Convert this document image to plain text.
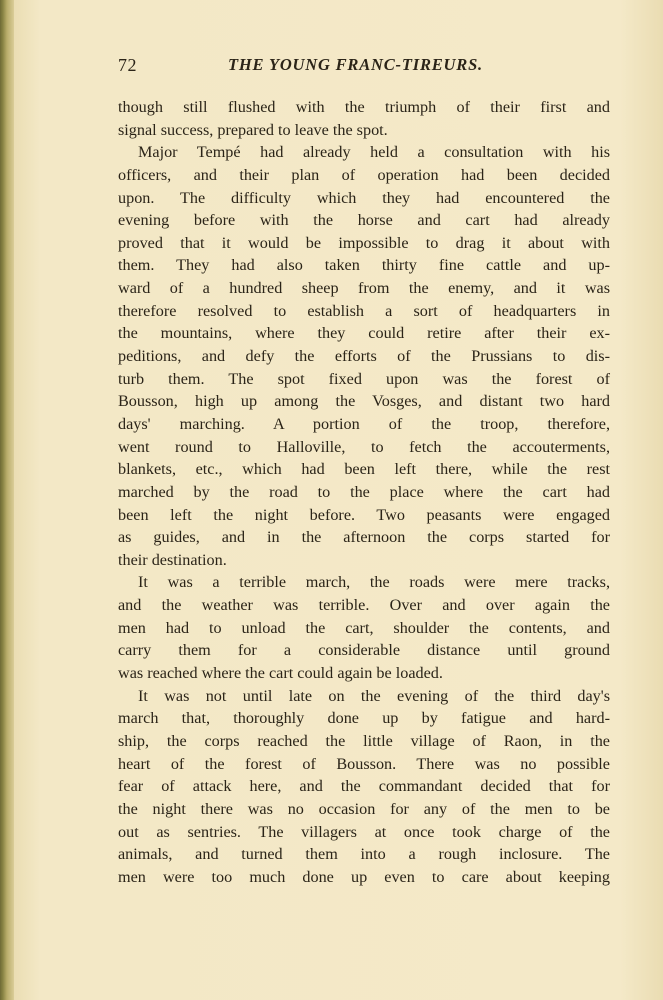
72	THE YOUNG FRANC-TIREURS.
though still flushed with the triumph of their first and
signal success, prepared to leave the spot.
Major Tempé had already held a consultation with his
officers, and their plan of operation had been decided
upon. The difficulty which they had encountered the
evening before with the horse and cart had already
proved that it would be impossible to drag it about with
them. They had also taken thirty fine cattle and up-
ward of a hundred sheep from the enemy, and it was
therefore resolved to establish a sort of headquarters in
the mountains, where they could retire after their ex-
peditions, and defy the efforts of the Prussians to dis-
turb them. The spot fixed upon was the forest of
Bousson, high up among the Vosges, and distant two hard
days' marching. A portion of the troop, therefore,
went round to Halloville, to fetch the accouterments,
blankets, etc., which had been left there, while the rest
marched by the road to the place where the cart had
been left the night before. Two peasants were engaged
as guides, and in the afternoon the corps started for
their destination.
It was a terrible march, the roads were mere tracks,
and the weather was terrible. Over and over again the
men had to unload the cart, shoulder the contents, and
carry them for a considerable distance until ground
was reached where the cart could again be loaded.
It was not until late on the evening of the third day's
march that, thoroughly done up by fatigue and hard-
ship, the corps reached the little village of Raon, in the
heart of the forest of Bousson. There was no possible
fear of attack here, and the commandant decided that for
the night there was no occasion for any of the men to be
out as sentries. The villagers at once took charge of the
animals, and turned them into a rough inclosure. The
men were too much done up even to care about keeping
